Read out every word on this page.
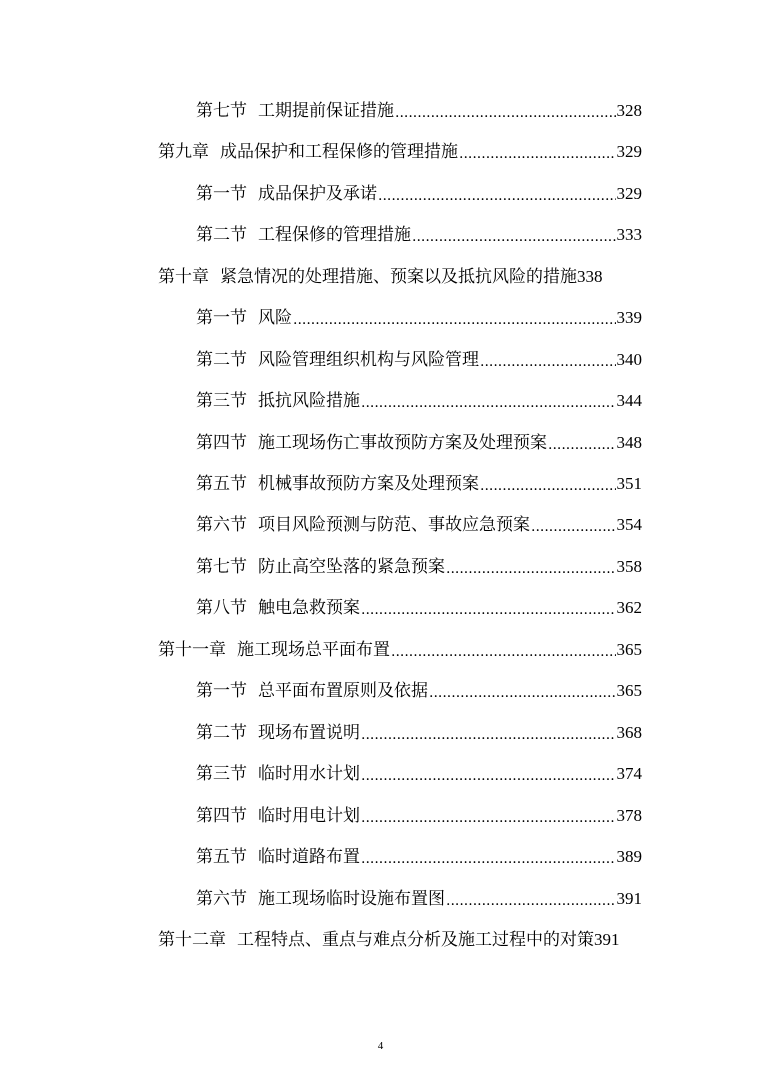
第七节 工期提前保证措施 .....	328
第九章 成品保护和工程保修的管理措施 .....	329
第一节 成品保护及承诺 .....	329
第二节 工程保修的管理措施 .....	333
第十章 紧急情况的处理措施、预案以及抵抗风险的措施 338
第一节 风险 .....	339
第二节 风险管理组织机构与风险管理 .....	340
第三节 抵抗风险措施 .....	344
第四节 施工现场伤亡事故预防方案及处理预案 .....	348
第五节 机械事故预防方案及处理预案 .....	351
第六节 项目风险预测与防范、事故应急预案 .....	354
第七节 防止高空坠落的紧急预案 .....	358
第八节 触电急救预案 .....	362
第十一章 施工现场总平面布置 .....	365
第一节 总平面布置原则及依据 .....	365
第二节 现场布置说明 .....	368
第三节 临时用水计划 .....	374
第四节 临时用电计划 .....	378
第五节 临时道路布置 .....	389
第六节 施工现场临时设施布置图 .....	391
第十二章 工程特点、重点与难点分析及施工过程中的对策 391
4
